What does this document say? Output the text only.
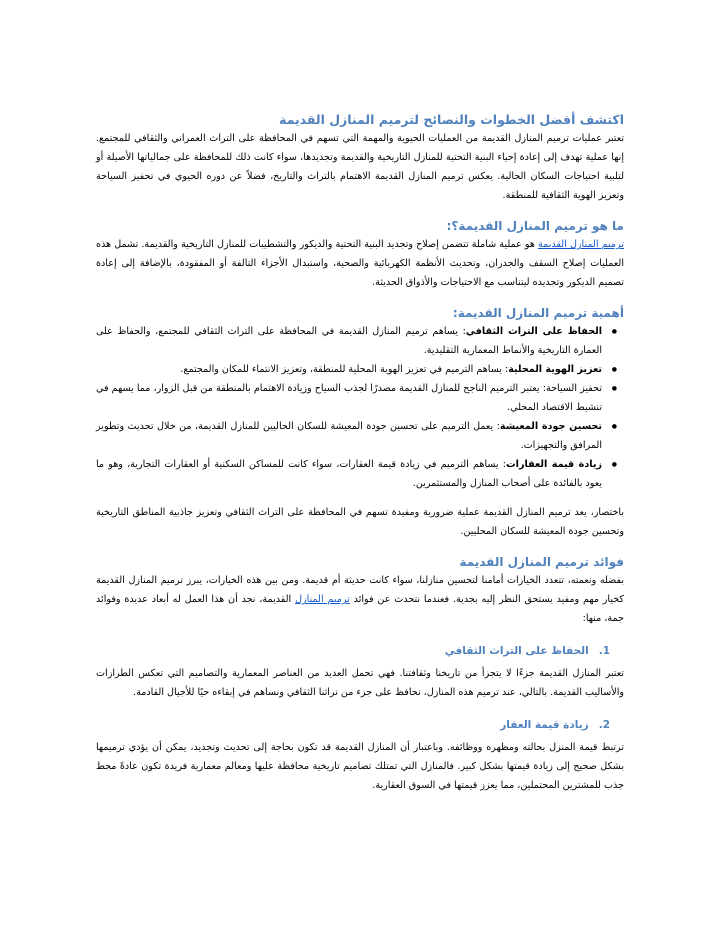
اكتشف أفضل الخطوات والنصائح لترميم المنازل القديمة

تعتبر عمليات ترميم المنازل القديمة من العمليات الحيوية والمهمة التي تسهم في المحافظة على التراث العمراني والثقافي للمجتمع. إنها عملية تهدف إلى إعادة إحياء البنية التحتية للمنازل التاريخية والقديمة وتجديدها، سواء كانت ذلك للمحافظة على جمالياتها الأصيلة أو لتلبية احتياجات السكان الحالية. يعكس ترميم المنازل القديمة الاهتمام بالتراث والتاريخ، فضلاً عن دوره الحيوي في تحفيز السياحة وتعزيز الهوية الثقافية للمنطقة.

ما هو ترميم المنازل القديمة؟:

ترميم المنازل القديمة هو عملية شاملة تتضمن إصلاح وتجديد البنية التحتية والديكور والتشطيبات للمنازل التاريخية والقديمة. تشمل هذه العمليات إصلاح السقف والجدران، وتحديث الأنظمة الكهربائية والصحية، واستبدال الأجزاء التالفة أو المفقودة، بالإضافة إلى إعادة تصميم الديكور وتجديده ليتناسب مع الاحتياجات والأذواق الحديثة.

أهمية ترميم المنازل القديمة:
● الحفاظ على التراث الثقافي: يساهم ترميم المنازل القديمة في المحافظة على التراث الثقافي للمجتمع، والحفاظ على العمارة التاريخية والأنماط المعمارية التقليدية.
● تعزيز الهوية المحلية: يساهم الترميم في تعزيز الهوية المحلية للمنطقة، وتعزيز الانتماء للمكان والمجتمع.
● تحفيز السياحة: يعتبر الترميم الناجح للمنازل القديمة مصدرًا لجذب السياح وزيادة الاهتمام بالمنطقة من قبل الزوار، مما يسهم في تنشيط الاقتصاد المحلي.
● تحسين جودة المعيشة: يعمل الترميم على تحسين جودة المعيشة للسكان الحاليين للمنازل القديمة، من خلال تحديث وتطوير المرافق والتجهيزات.
● زيادة قيمة العقارات: يساهم الترميم في زيادة قيمة العقارات، سواء كانت للمساكن السكنية أو العقارات التجارية، وهو ما يعود بالفائدة على أصحاب المنازل والمستثمرين.

باختصار، يعد ترميم المنازل القديمة عملية ضرورية ومفيدة تسهم في المحافظة على التراث الثقافي وتعزيز جاذبية المناطق التاريخية وتحسين جودة المعيشة للسكان المحليين.

فوائد ترميم المنازل القديمة

بفضله ونعمته، تتعدد الخيارات أمامنا لتحسين منازلنا، سواء كانت حديثة أم قديمة. ومن بين هذه الخيارات، يبرز ترميم المنازل القديمة كخيار مهم ومفيد يستحق النظر إليه بجدية. فعندما نتحدث عن فوائد ترميم المنازل القديمة، نجد أن هذا العمل له أبعاد عديدة وفوائد جمة، منها:

1.الحفاظ على التراث الثقافي

تعتبر المنازل القديمة جزءًا لا يتجزأ من تاريخنا وثقافتنا. فهي تحمل العديد من العناصر المعمارية والتصاميم التي تعكس الطرازات والأساليب القديمة. بالتالي، عند ترميم هذه المنازل، نحافظ على جزء من تراثنا الثقافي ونساهم في إبقاءه حيًا للأجيال القادمة.

2.زيادة قيمة العقار

ترتبط قيمة المنزل بحالته ومظهره ووظائفه. وباعتبار أن المنازل القديمة قد تكون بحاجة إلى تحديث وتجديد، يمكن أن يؤدي ترميمها بشكل صحيح إلى زيادة قيمتها بشكل كبير. فالمنازل التي تمتلك تصاميم تاريخية محافظة عليها ومعالم معمارية فريدة تكون عادةً محط جذب للمشترين المحتملين، مما يعزز قيمتها في السوق العقارية.
